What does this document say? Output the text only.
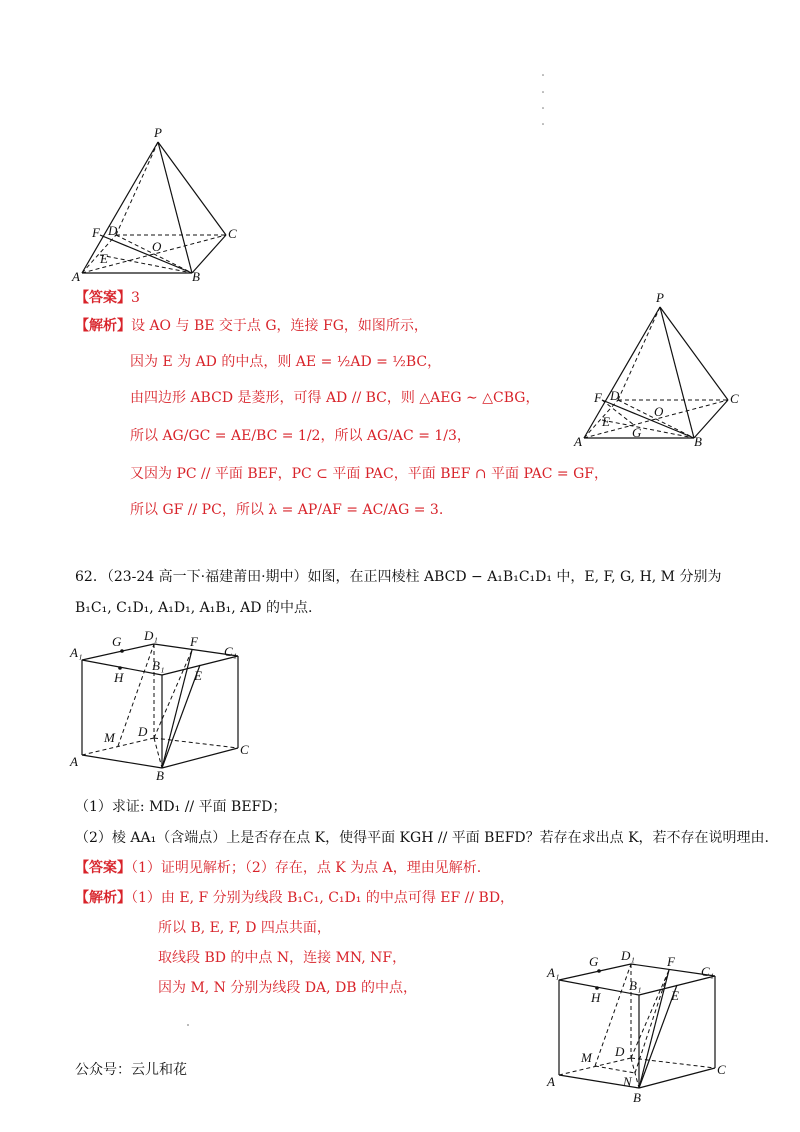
P
F D	C
O
E
A	B
【答案】3
【解析】设 AO 与 BE 交于点 G，连接 FG，如图所示，
因为 E 为 AD 的中点，则 AE = ½AD = ½BC，
由四边形 ABCD 是菱形，可得 AD // BC，则 △AEG ∼ △CBG，
所以 AG/GC = AE/BC = 1/2，所以 AG/AC = 1/3，
又因为 PC // 平面 BEF，PC ⊂ 平面 PAC，平面 BEF ∩ 平面 PAC = GF，
所以 GF // PC，所以 λ = AP/AF = AC/AG = 3.
P
F D	C
O
E
G
A	B
62．（23-24 高一下·福建莆田·期中）如图，在正四棱柱 ABCD − A₁B₁C₁D₁ 中，E, F, G, H, M 分别为
B₁C₁, C₁D₁, A₁D₁, A₁B₁, AD 的中点.
A₁
G D₁ F
C₁
B₁
H	E
M D
A
C
B
（1）求证: MD₁ // 平面 BEFD；
（2）棱 AA₁（含端点）上是否存在点 K，使得平面 KGH // 平面 BEFD？若存在求出点 K，若不存在说明理由.
【答案】（1）证明见解析；（2）存在，点 K 为点 A，理由见解析.
【解析】（1）由 E, F 分别为线段 B₁C₁, C₁D₁ 的中点可得 EF // BD，
所以 B, E, F, D 四点共面，
取线段 BD 的中点 N，连接 MN, NF，
因为 M, N 分别为线段 DA, DB 的中点，
A₁
G D₁ F
C₁
B₁
H	E
M D
A	N
C
B
公众号：云儿和花
